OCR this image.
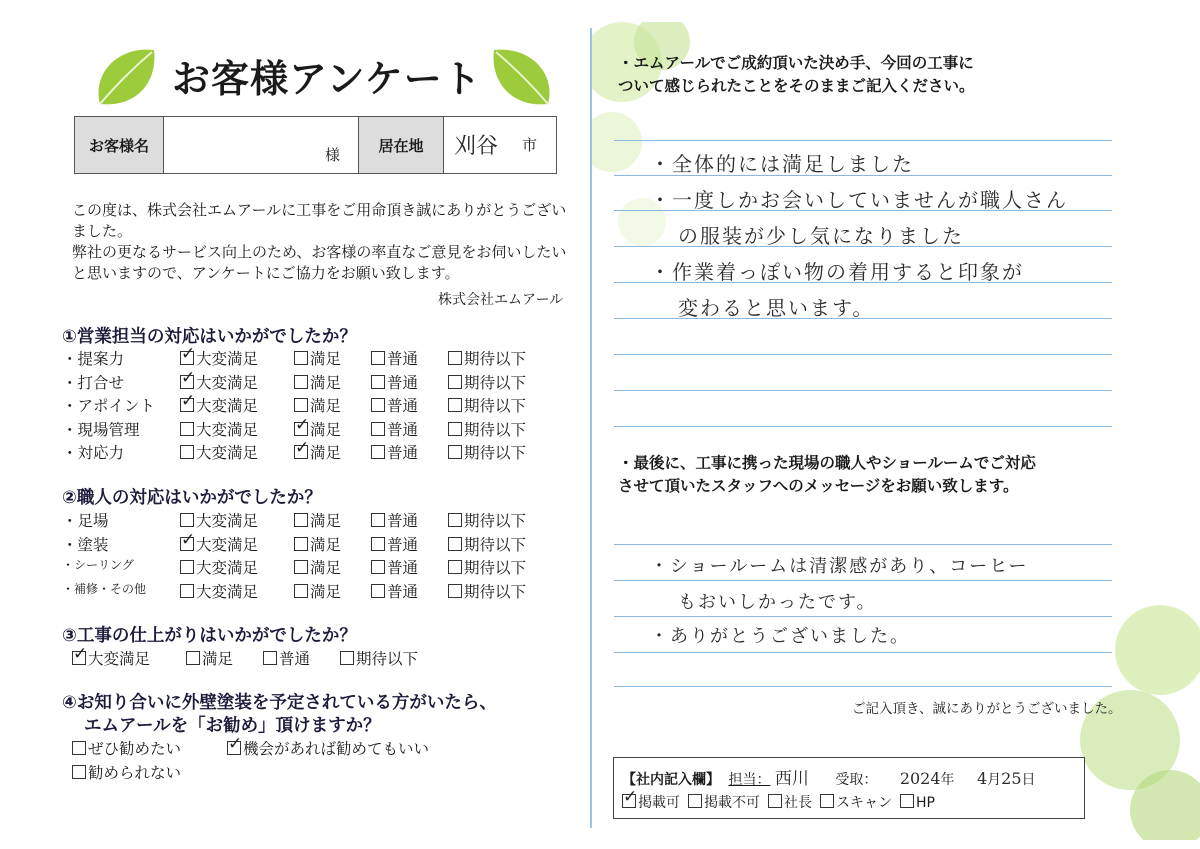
お客様アンケート
お客様名	
様
	居在地	刈谷 市
この度は、株式会社エムアールに工事をご用命頂き誠にありがとうございました。
弊社の更なるサービス向上のため、お客様の率直なご意見をお伺いしたいと思いますので、アンケートにご協力をお願い致します。
株式会社エムアール
①営業担当の対応はいかがでしたか？
・提案力 ✓	大変満足	満足	普通	期待以下
・打合せ ✓	大変満足	満足	普通	期待以下
・アポイント ✓	大変満足	満足	普通	期待以下
・現場管理	大変満足 ✓	満足	普通	期待以下
・対応力	大変満足 ✓	満足	普通	期待以下
②職人の対応はいかがでしたか？
・足場	大変満足	満足	普通	期待以下
・塗装 ✓	大変満足	満足	普通	期待以下
・シーリング	大変満足	満足	普通	期待以下
・補修・その他	大変満足	満足	普通	期待以下
③工事の仕上がりはいかがでしたか？
✓大変満足	満足	普通	期待以下
④お知り合いに外壁塗装を予定されている方がいたら、
エムアールを「お勧め」頂けますか？
ぜひ勧めたい ✓	機会があれば勧めてもいい
勧められない
・エムアールでご成約頂いた決め手、今回の工事に
ついて感じられたことをそのままご記入ください。
・全体的には満足しました
・一度しかお会いしていませんが職人さん
の服装が少し気になりました
・作業着っぽい物の着用すると印象が
変わると思います。
・最後に、工事に携った現場の職人やショールームでご対応
させて頂いたスタッフへのメッセージをお願い致します。
・ショールームは清潔感があり、コーヒー
もおいしかったです。
・ありがとうございました。
ご記入頂き、誠にありがとうございました。
【社内記入欄】 担当： 西川 受取： 2024年 4月25日
✓掲載可 掲載不可 社長 スキャン HP
